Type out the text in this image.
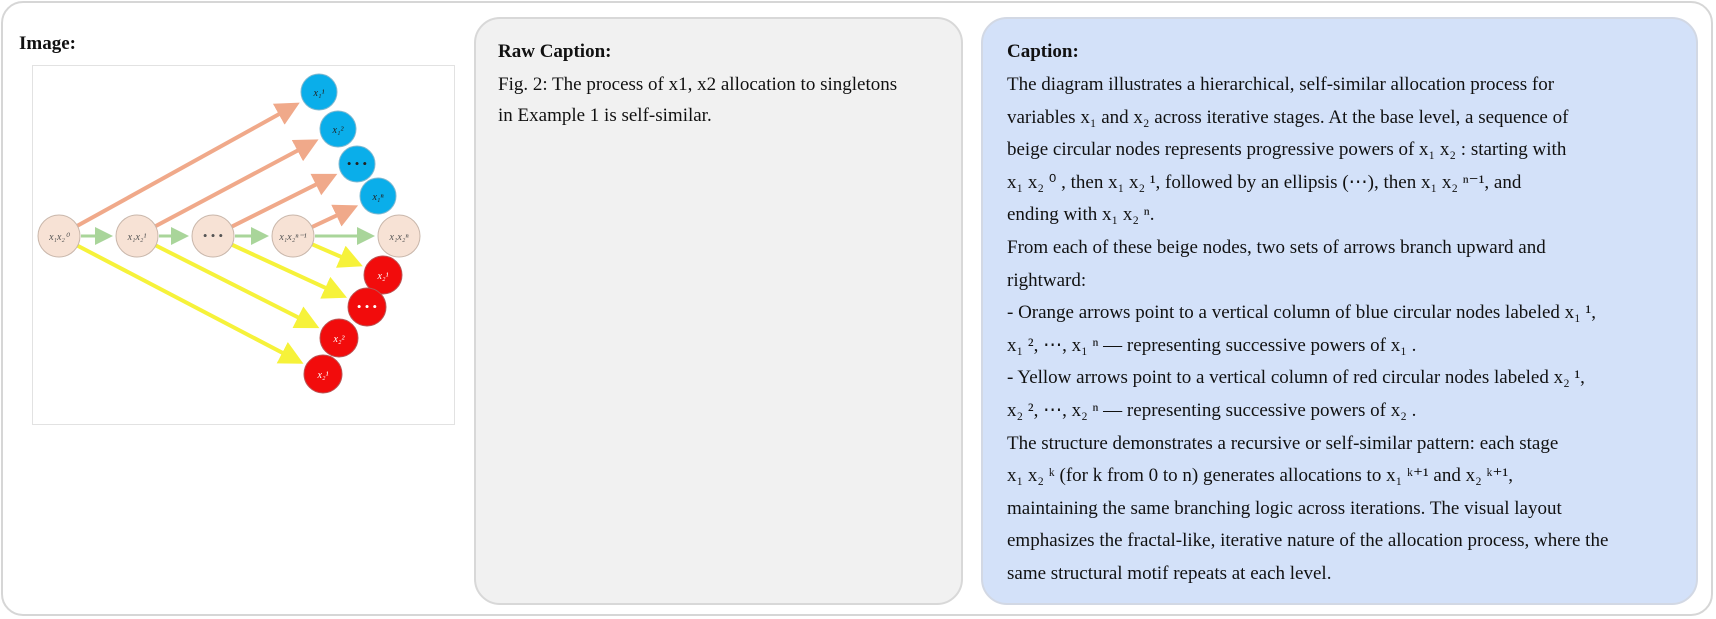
Image:
x₁x₂⁰	x₁x₂¹	• • •	x₁x₂ⁿ⁻¹	x₁x₂ⁿ
x₁¹
x₁²
• • •
x₁ⁿ
x₂¹
• • •
x₂²
x₂¹
Raw Caption:
Fig. 2: The process of x1, x2 allocation to singletons
in Example 1 is self-similar.
Caption:
The diagram illustrates a hierarchical, self-similar allocation process for
variables x₁ and x₂ across iterative stages. At the base level, a sequence of
beige circular nodes represents progressive powers of x₁ x₂ : starting with
x₁ x₂ ⁰ , then x₁ x₂ ¹, followed by an ellipsis (⋯), then x₁ x₂ ⁿ⁻¹, and
ending with x₁ x₂ ⁿ.
From each of these beige nodes, two sets of arrows branch upward and
rightward:
- Orange arrows point to a vertical column of blue circular nodes labeled x₁ ¹,
x₁ ², ⋯, x₁ ⁿ — representing successive powers of x₁ .
- Yellow arrows point to a vertical column of red circular nodes labeled x₂ ¹,
x₂ ², ⋯, x₂ ⁿ — representing successive powers of x₂ .
The structure demonstrates a recursive or self-similar pattern: each stage
x₁ x₂ ᵏ (for k from 0 to n) generates allocations to x₁ ᵏ⁺¹ and x₂ ᵏ⁺¹,
maintaining the same branching logic across iterations. The visual layout
emphasizes the fractal-like, iterative nature of the allocation process, where the
same structural motif repeats at each level.
